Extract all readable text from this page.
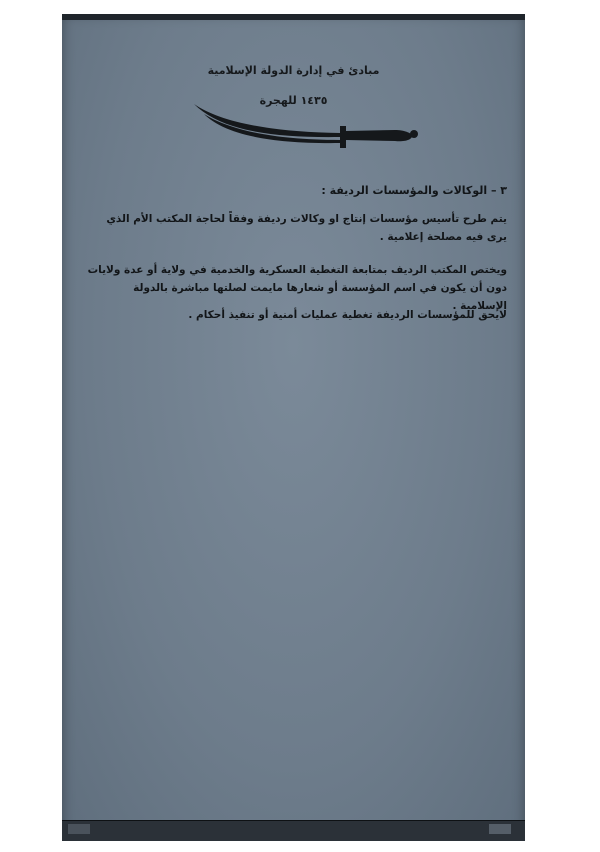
مبادئ في إدارة الدولة الإسلامية
١٤٣٥ للهجرة
٣ – الوكالات والمؤسسات الرديفة :
يتم طرح تأسيس مؤسسات إنتاج او وكالات رديفة وفقاً لحاجة المكتب الأم الذي يرى فيه مصلحة إعلامية .
ويختص المكتب الرديف بمتابعة التغطية العسكرية والخدمية في ولاية أو عدة ولايات دون أن يكون في اسم المؤسسة أو شعارها مايمت لصلتها مباشرة بالدولة الإسلامية .
لايحق للمؤسسات الرديفة تغطية عمليات أمنية أو تنفيذ أحكام .
